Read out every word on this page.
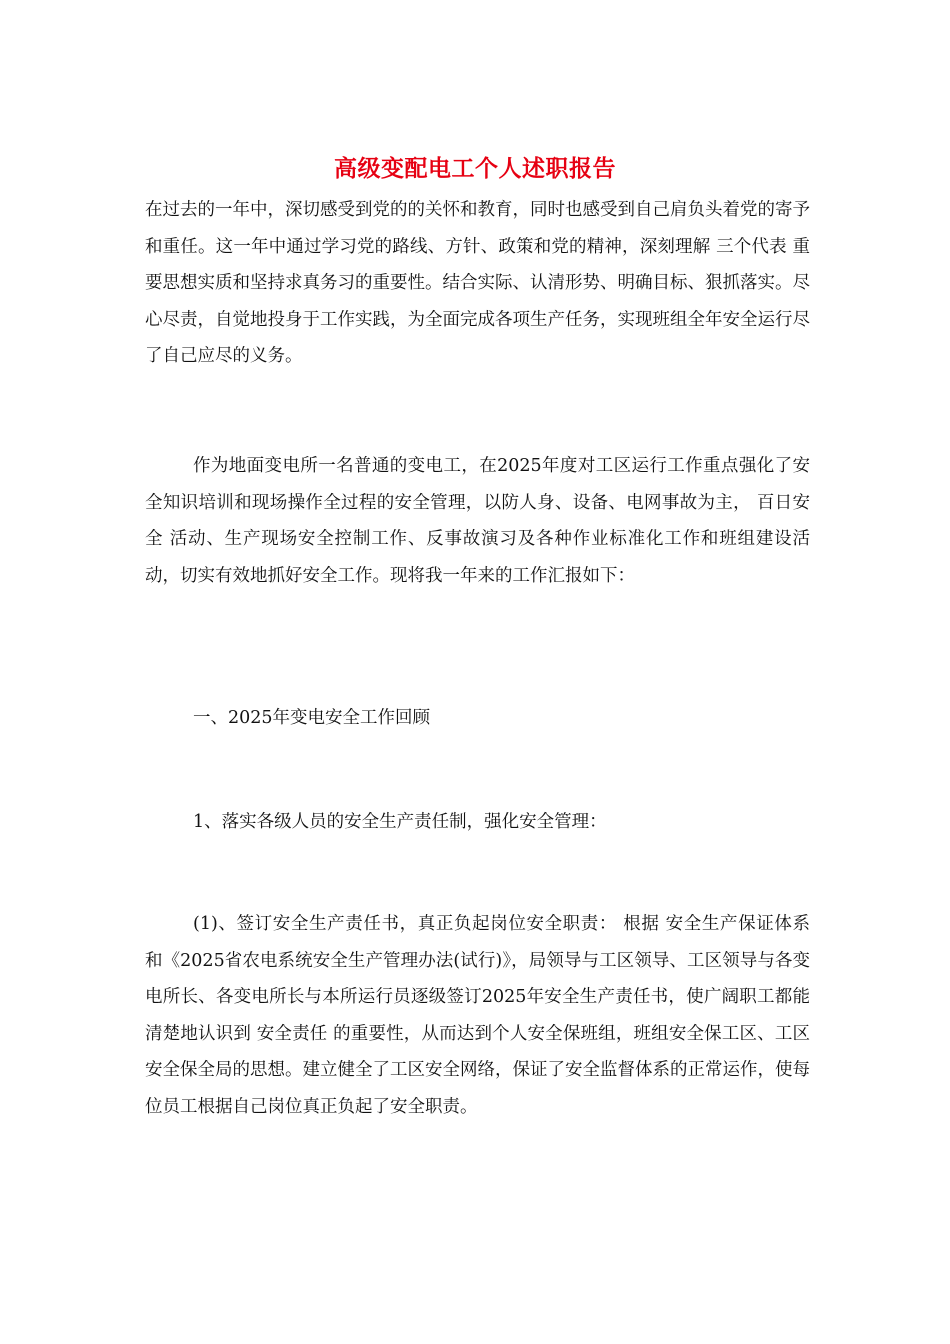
高级变配电工个人述职报告

在过去的一年中，深切感受到党的的关怀和教育，同时也感受到自己肩负头着党的寄予和重任。这一年中通过学习党的路线、方针、政策和党的精神，深刻理解 三个代表 重要思想实质和坚持求真务习的重要性。结合实际、认清形势、明确目标、狠抓落实。尽心尽责，自觉地投身于工作实践，为全面完成各项生产任务，实现班组全年安全运行尽了自己应尽的义务。

作为地面变电所一名普通的变电工，在2025年度对工区运行工作重点强化了安全知识培训和现场操作全过程的安全管理，以防人身、设备、电网事故为主， 百日安全 活动、生产现场安全控制工作、反事故演习及各种作业标准化工作和班组建设活动，切实有效地抓好安全工作。现将我一年来的工作汇报如下：

一、2025年变电安全工作回顾

1、落实各级人员的安全生产责任制，强化安全管理：

(1)、签订安全生产责任书，真正负起岗位安全职责： 根据 安全生产保证体系 和《2025省农电系统安全生产管理办法(试行)》，局领导与工区领导、工区领导与各变电所长、各变电所长与本所运行员逐级签订2025年安全生产责任书，使广阔职工都能清楚地认识到 安全责任 的重要性，从而达到个人安全保班组，班组安全保工区、工区安全保全局的思想。建立健全了工区安全网络，保证了安全监督体系的正常运作，使每位员工根据自己岗位真正负起了安全职责。
